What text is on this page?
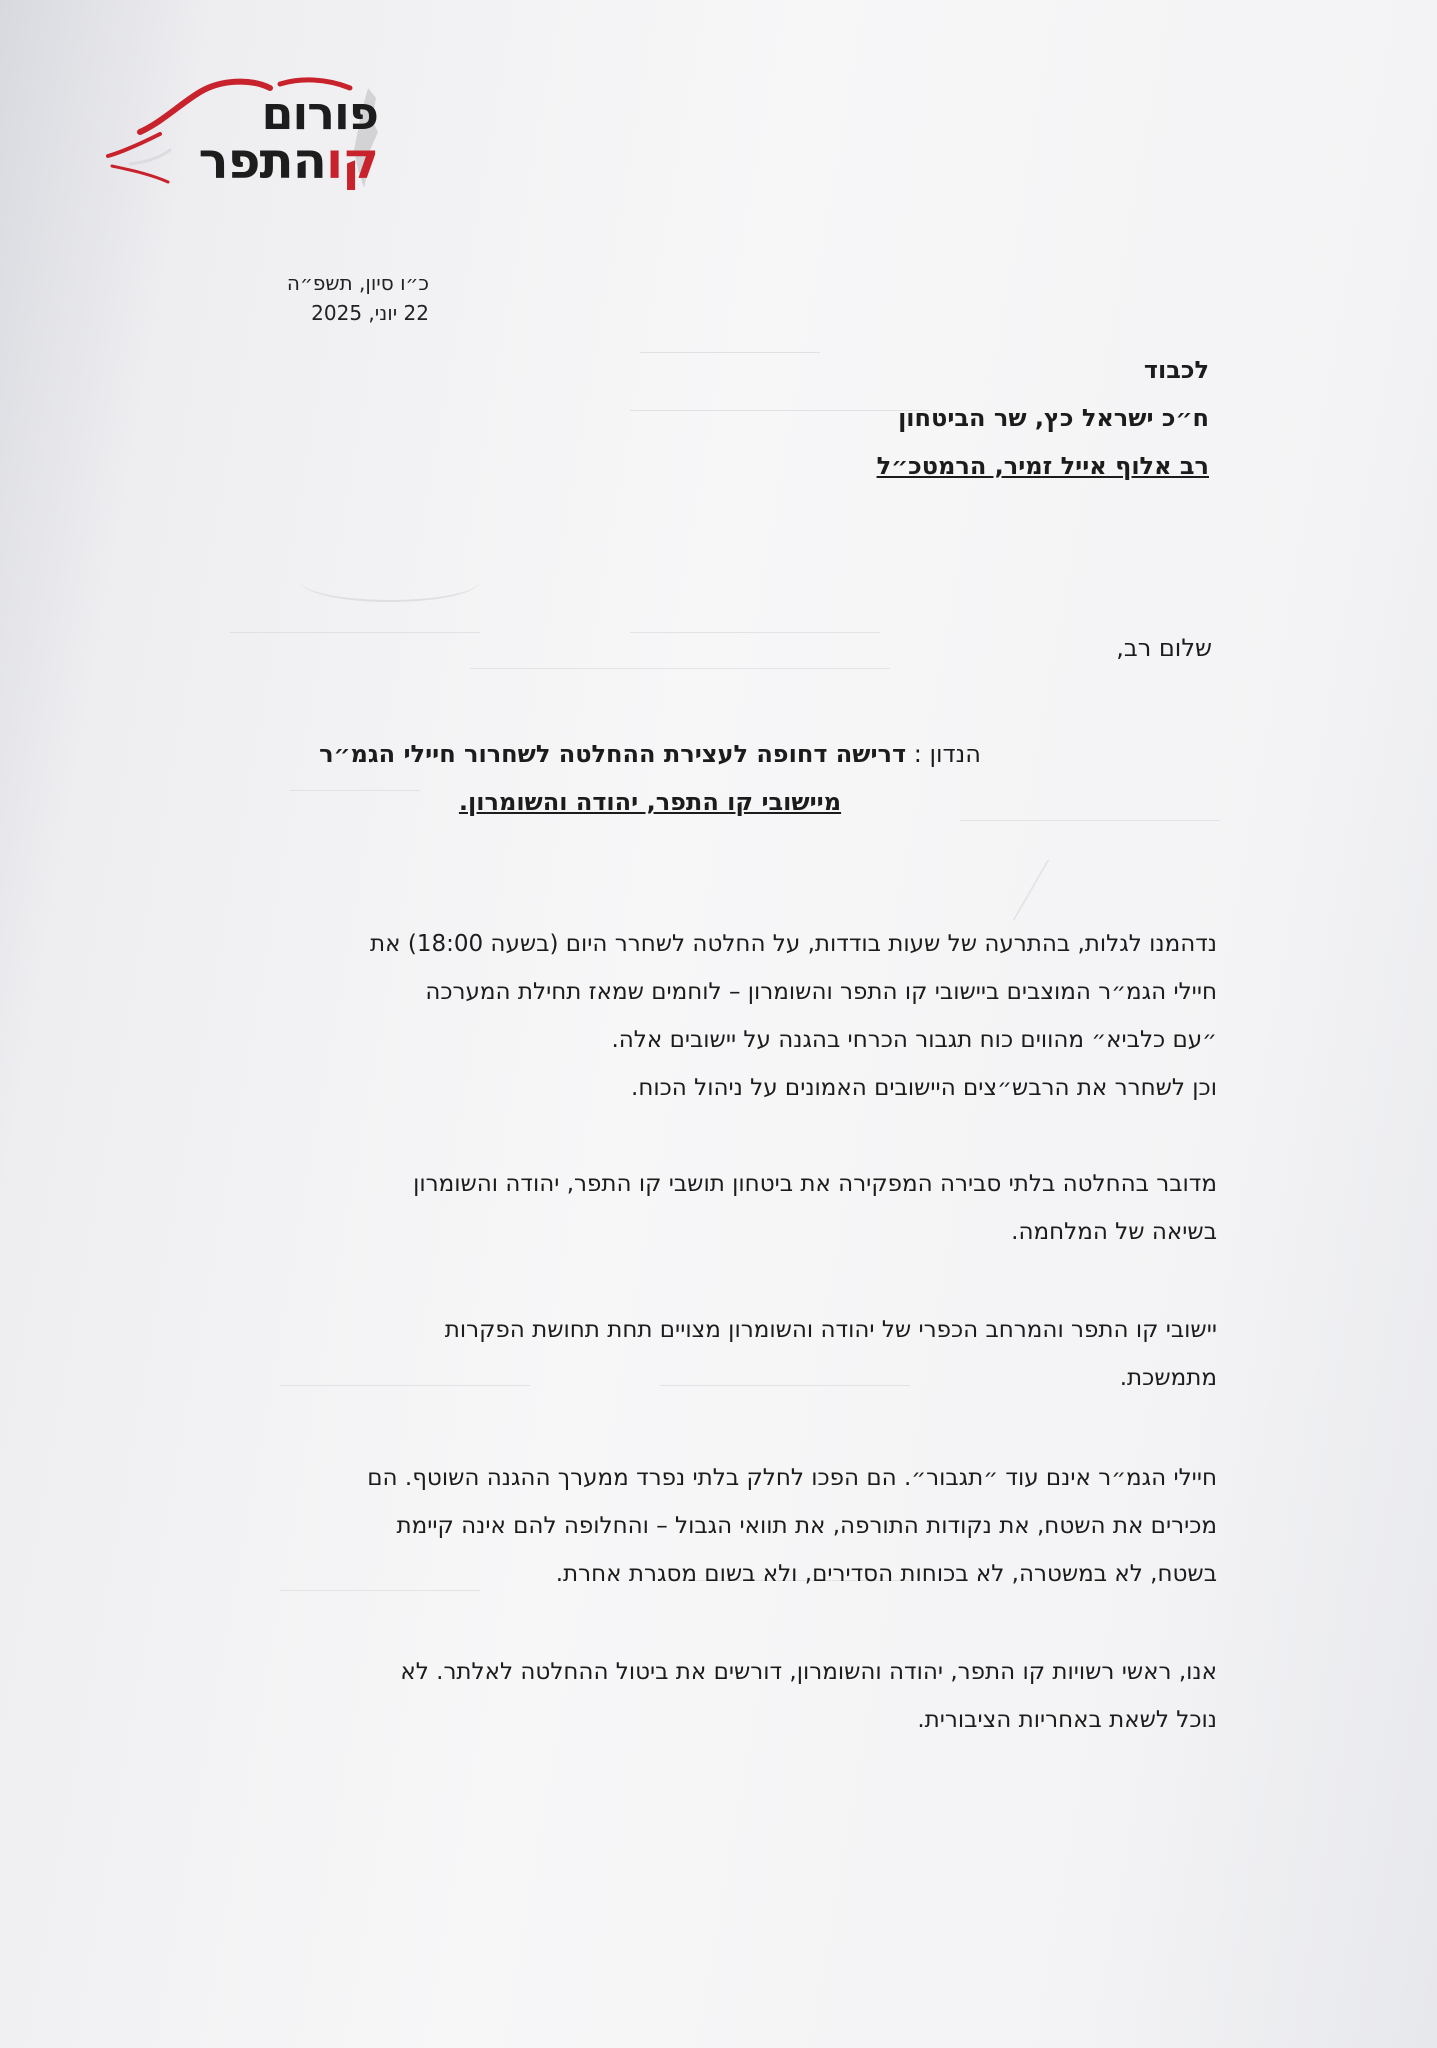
פורום
קוהתפר
כ״ו סיון, תשפ״ה
22 יוני, 2025
לכבוד
ח״כ ישראל כץ, שר הביטחון
רב אלוף אייל זמיר, הרמטכ״ל
שלום רב,
הנדון : דרישה דחופה לעצירת ההחלטה לשחרור חיילי הגמ״ר
מיישובי קו התפר, יהודה והשומרון.

נדהמנו לגלות, בהתרעה של שעות בודדות, על החלטה לשחרר היום (בשעה 18:00) את

חיילי הגמ״ר המוצבים ביישובי קו התפר והשומרון – לוחמים שמאז תחילת המערכה

״עם כלביא״ מהווים כוח תגבור הכרחי בהגנה על יישובים אלה.

וכן לשחרר את הרבש״צים היישובים האמונים על ניהול הכוח.

מדובר בהחלטה בלתי סבירה המפקירה את ביטחון תושבי קו התפר, יהודה והשומרון

בשיאה של המלחמה.

יישובי קו התפר והמרחב הכפרי של יהודה והשומרון מצויים תחת תחושת הפקרות

מתמשכת.

חיילי הגמ״ר אינם עוד ״תגבור״. הם הפכו לחלק בלתי נפרד ממערך ההגנה השוטף. הם

מכירים את השטח, את נקודות התורפה, את תוואי הגבול – והחלופה להם אינה קיימת

בשטח, לא במשטרה, לא בכוחות הסדירים, ולא בשום מסגרת אחרת.

אנו, ראשי רשויות קו התפר, יהודה והשומרון, דורשים את ביטול ההחלטה לאלתר. לא

נוכל לשאת באחריות הציבורית.
